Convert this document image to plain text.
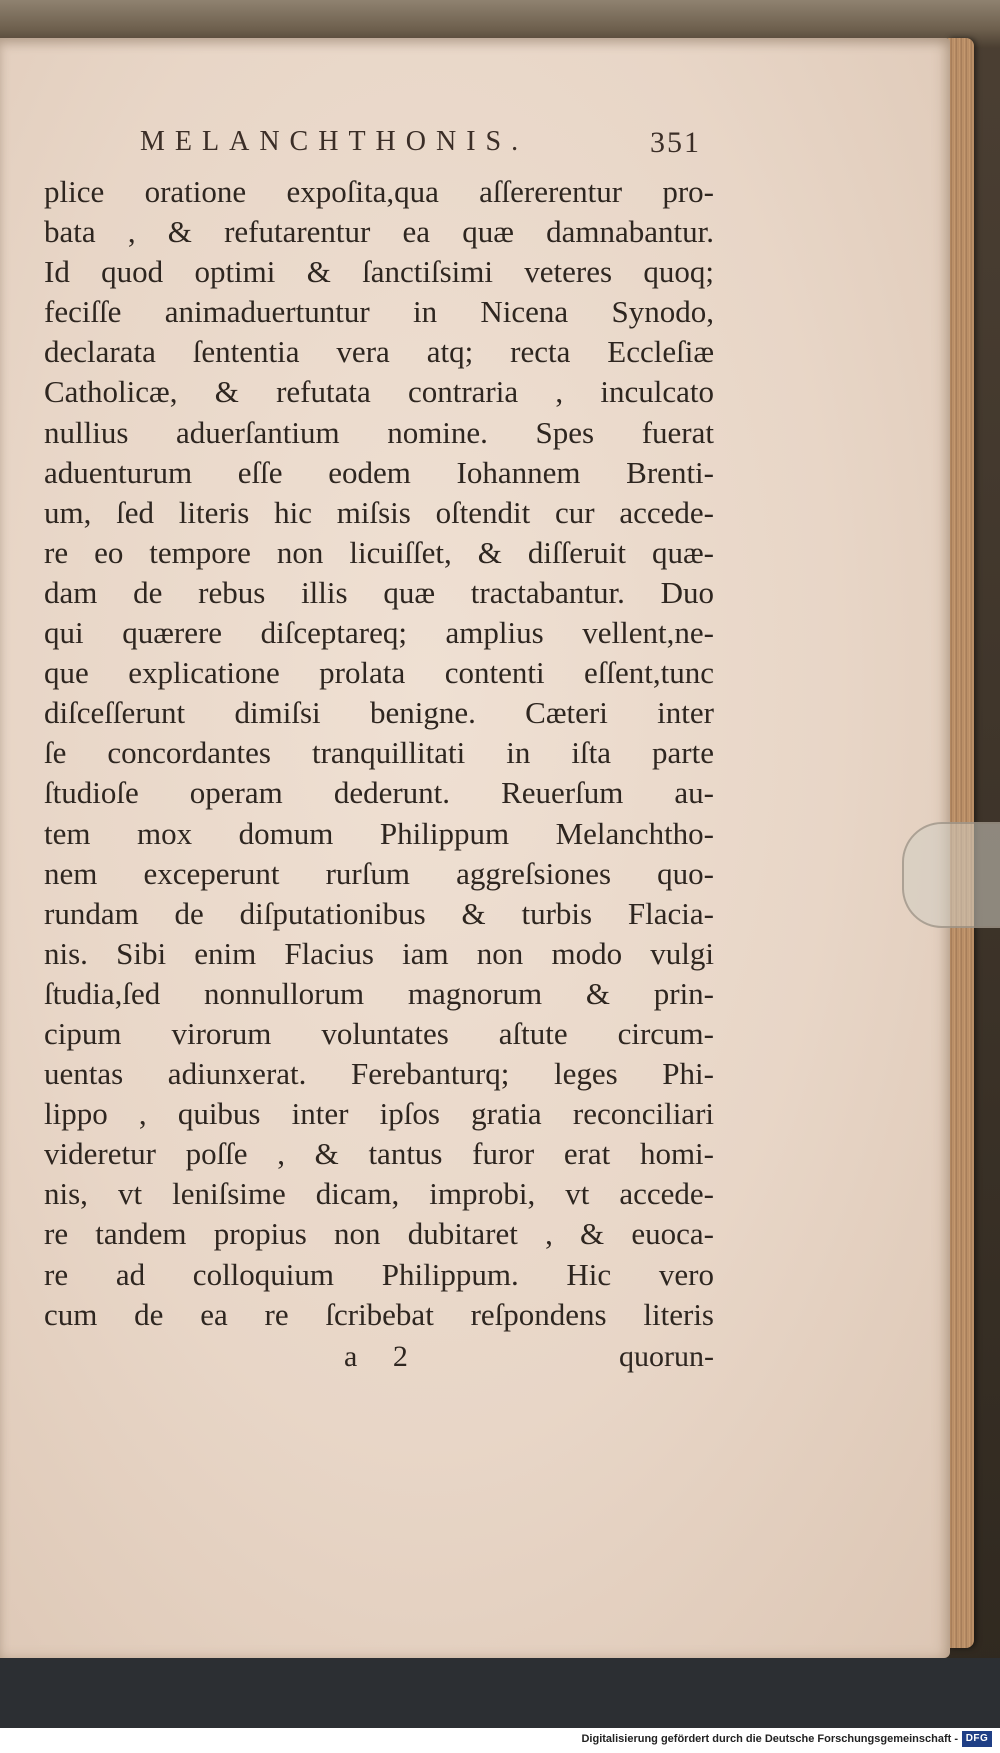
MELANCHTHONIS.	351
plice oratione expoſita,qua aſſererentur pro-
bata , & refutarentur ea quæ damnabantur.
Id quod optimi & ſanctiſsimi veteres quoq;
feciſſe animaduertuntur in Nicena Synodo,
declarata ſententia vera atq; recta Eccleſiæ
Catholicæ, & refutata contraria , inculcato
nullius aduerſantium nomine. Spes fuerat
aduenturum eſſe eodem Iohannem Brenti-
um, ſed literis hic miſsis oſtendit cur accede-
re eo tempore non licuiſſet, & diſſeruit quæ-
dam de rebus illis quæ tractabantur. Duo
qui quærere diſceptareq; amplius vellent,ne-
que explicatione prolata contenti eſſent,tunc
diſceſſerunt dimiſsi benigne. Cæteri inter
ſe concordantes tranquillitati in iſta parte
ſtudioſe operam dederunt. Reuerſum au-
tem mox domum Philippum Melanchtho-
nem exceperunt rurſum aggreſsiones quo-
rundam de diſputationibus & turbis Flacia-
nis. Sibi enim Flacius iam non modo vulgi
ſtudia,ſed nonnullorum magnorum & prin-
cipum virorum voluntates aſtute circum-
uentas adiunxerat. Ferebanturq; leges Phi-
lippo , quibus inter ipſos gratia reconciliari
videretur poſſe , & tantus furor erat homi-
nis, vt leniſsime dicam, improbi, vt accede-
re tandem propius non dubitaret , & euoca-
re ad colloquium Philippum. Hic vero
cum de ea re ſcribebat reſpondens literis
a 2	quorun-
Digitalisierung gefördert durch die Deutsche Forschungsgemeinschaft - DFG
